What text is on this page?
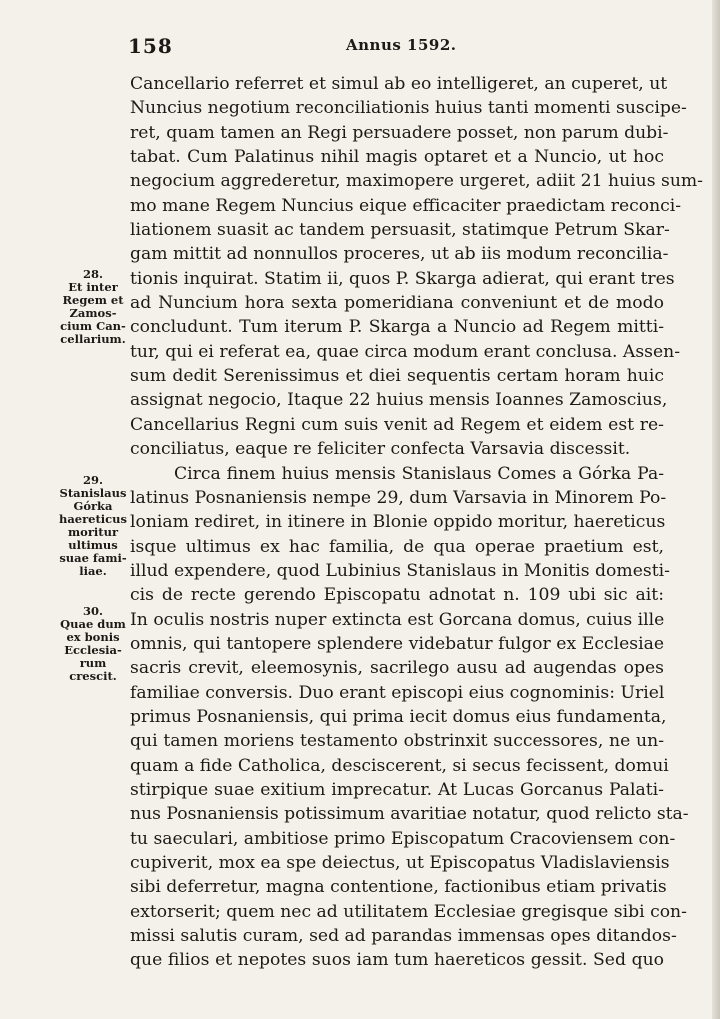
158	Annus 1592.
28.
Et inter
Regem et
Zamos-
cium Can-
cellarium.
29.
Stanislaus
Górka
haereticus
moritur
ultimus
suae fami-
liae.
30.
Quae dum
ex bonis
Ecclesia-
rum
crescit.
Cancellario referret et simul ab eo intelligeret, an cuperet, ut
Nuncius negotium reconciliationis huius tanti momenti suscipe-
ret, quam tamen an Regi persuadere posset, non parum dubi-
tabat. Cum Palatinus nihil magis optaret et a Nuncio, ut hoc
negocium aggrederetur, maximopere urgeret, adiit 21 huius sum-
mo mane Regem Nuncius eique efficaciter praedictam reconci-
liationem suasit ac tandem persuasit, statimque Petrum Skar-
gam mittit ad nonnullos proceres, ut ab iis modum reconcilia-
tionis inquirat. Statim ii, quos P. Skarga adierat, qui erant tres
ad Nuncium hora sexta pomeridiana conveniunt et de modo
concludunt. Tum iterum P. Skarga a Nuncio ad Regem mitti-
tur, qui ei referat ea, quae circa modum erant conclusa. Assen-
sum dedit Serenissimus et diei sequentis certam horam huic
assignat negocio, Itaque 22 huius mensis Ioannes Zamoscius,
Cancellarius Regni cum suis venit ad Regem et eidem est re-
conciliatus, eaque re feliciter confecta Varsavia discessit.
Circa finem huius mensis Stanislaus Comes a Górka Pa-
latinus Posnaniensis nempe 29, dum Varsavia in Minorem Po-
loniam rediret, in itinere in Blonie oppido moritur, haereticus
isque ultimus ex hac familia, de qua operae praetium est,
illud expendere, quod Lubinius Stanislaus in Monitis domesti-
cis de recte gerendo Episcopatu adnotat n. 109 ubi sic ait:
In oculis nostris nuper extincta est Gorcana domus, cuius ille
omnis, qui tantopere splendere videbatur fulgor ex Ecclesiae
sacris crevit, eleemosynis, sacrilego ausu ad augendas opes
familiae conversis. Duo erant episcopi eius cognominis: Uriel
primus Posnaniensis, qui prima iecit domus eius fundamenta,
qui tamen moriens testamento obstrinxit successores, ne un-
quam a fide Catholica, desciscerent, si secus fecissent, domui
stirpique suae exitium imprecatur. At Lucas Gorcanus Palati-
nus Posnaniensis potissimum avaritiae notatur, quod relicto sta-
tu saeculari, ambitiose primo Episcopatum Cracoviensem con-
cupiverit, mox ea spe deiectus, ut Episcopatus Vladislaviensis
sibi deferretur, magna contentione, factionibus etiam privatis
extorserit; quem nec ad utilitatem Ecclesiae gregisque sibi con-
missi salutis curam, sed ad parandas immensas opes ditandos-
que filios et nepotes suos iam tum haereticos gessit. Sed quo
